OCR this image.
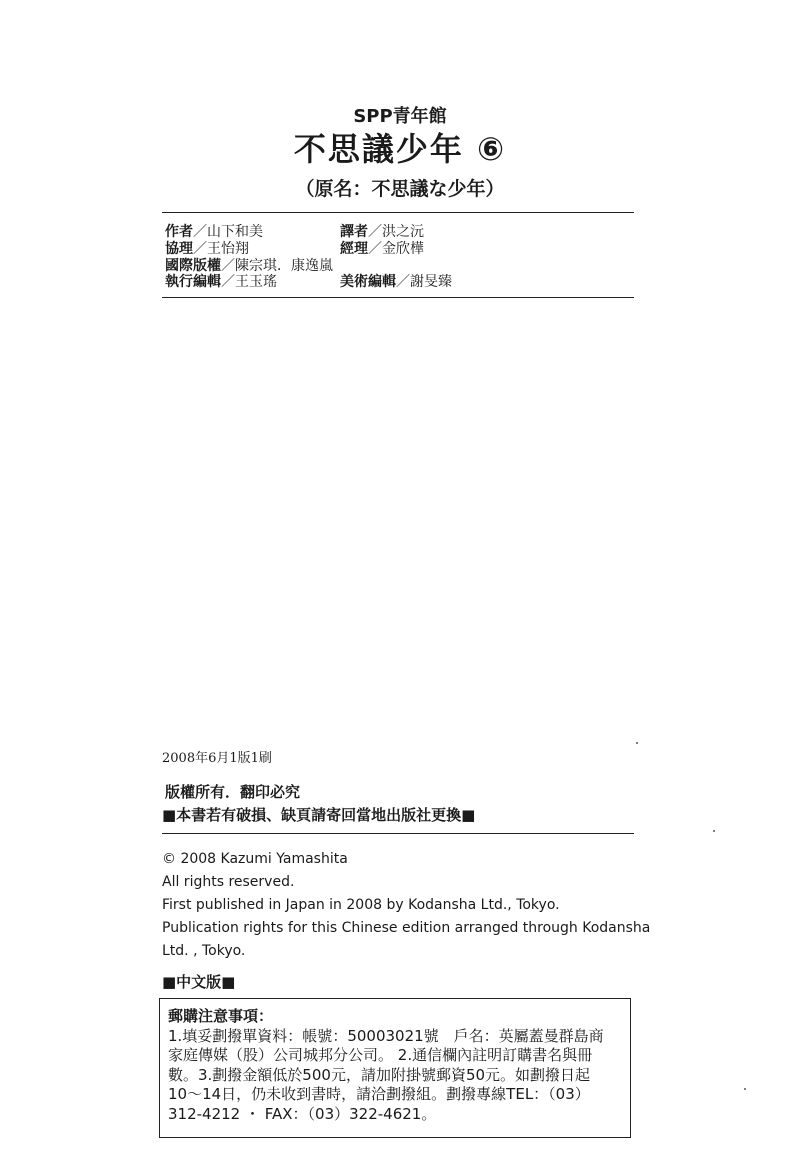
SPP青年館
不思議少年 ⑥
（原名：不思議な少年）
作者／山下和美	譯者／洪之沅
協理／王怡翔	經理／金欣樺
國際版權／陳宗琪．康逸嵐
執行編輯／王玉瑤	美術編輯／謝旻臻
2008年6月1版1刷
版權所有．翻印必究
■本書若有破損、缺頁請寄回當地出版社更換■
© 2008 Kazumi Yamashita
All rights reserved.
First published in Japan in 2008 by Kodansha Ltd., Tokyo.
Publication rights for this Chinese edition arranged through Kodansha
Ltd. , Tokyo.
■中文版■
郵購注意事項：
1.填妥劃撥單資料：帳號：50003021號　戶名：英屬蓋曼群島商
家庭傳媒（股）公司城邦分公司。 2.通信欄內註明訂購書名與冊
數。3.劃撥金額低於500元，請加附掛號郵資50元。如劃撥日起
10～14日，仍未收到書時，請洽劃撥組。劃撥專線TEL：（03）
312-4212 ・ FAX：（03）322-4621。
